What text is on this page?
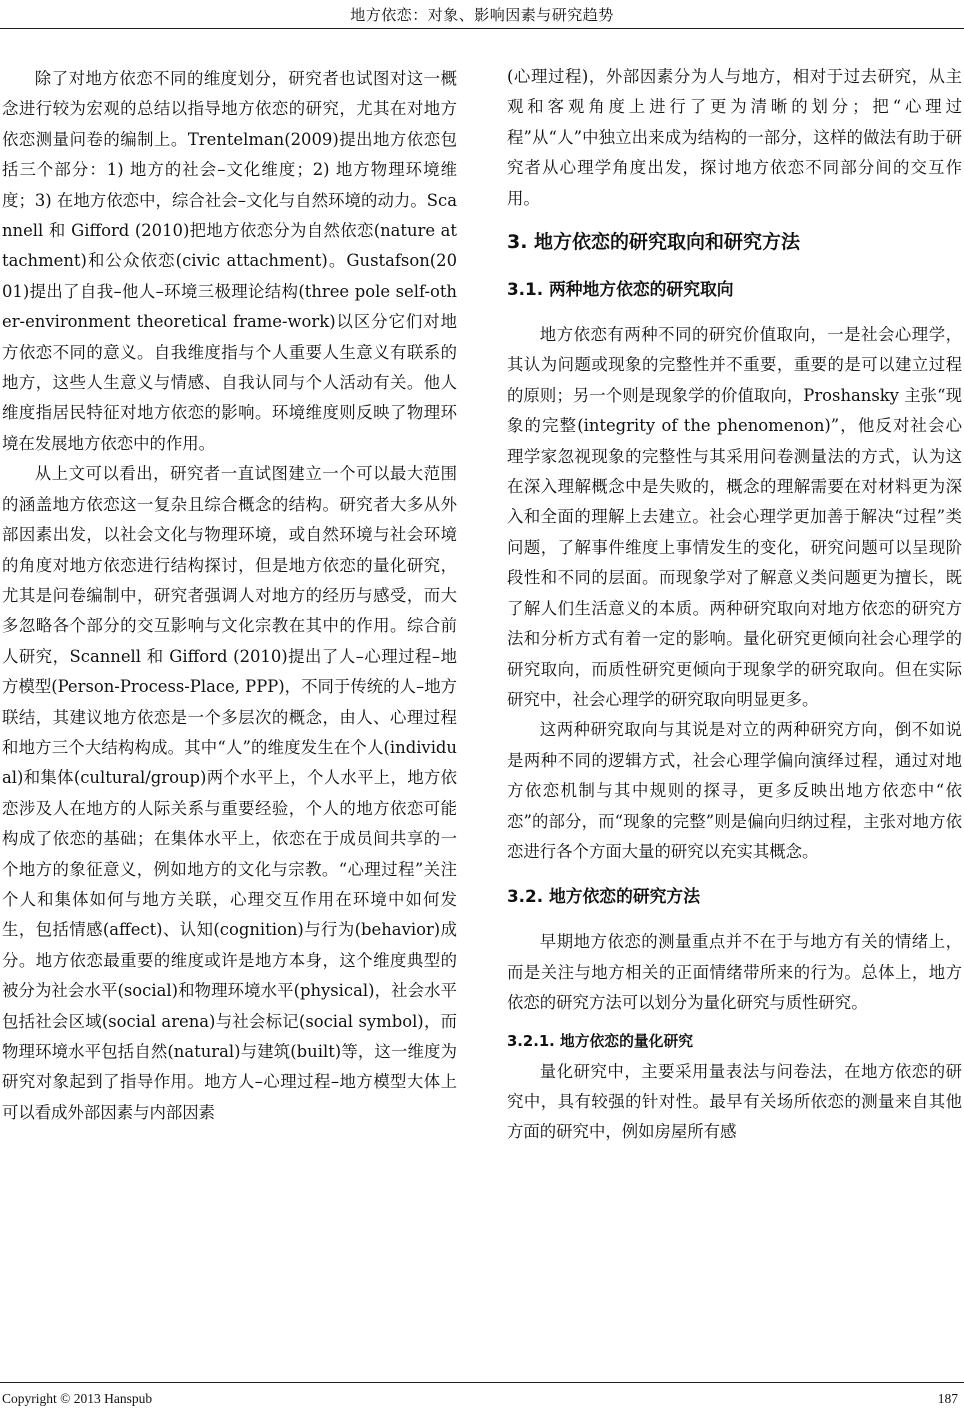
地方依恋：对象、影响因素与研究趋势

除了对地方依恋不同的维度划分，研究者也试图对这一概念进行较为宏观的总结以指导地方依恋的研究，尤其在对地方依恋测量问卷的编制上。Trentelman(2009)提出地方依恋包括三个部分：1) 地方的社会–文化维度；2) 地方物理环境维度；3) 在地方依恋中，综合社会–文化与自然环境的动力。Scannell 和 Gifford (2010)把地方依恋分为自然依恋(nature attachment)和公众依恋(civic attachment)。Gustafson(2001)提出了自我–他人–环境三极理论结构(three pole self-other-environment theoretical frame-work)以区分它们对地方依恋不同的意义。自我维度指与个人重要人生意义有联系的地方，这些人生意义与情感、自我认同与个人活动有关。他人维度指居民特征对地方依恋的影响。环境维度则反映了物理环境在发展地方依恋中的作用。

从上文可以看出，研究者一直试图建立一个可以最大范围的涵盖地方依恋这一复杂且综合概念的结构。研究者大多从外部因素出发，以社会文化与物理环境，或自然环境与社会环境的角度对地方依恋进行结构探讨，但是地方依恋的量化研究，尤其是问卷编制中，研究者强调人对地方的经历与感受，而大多忽略各个部分的交互影响与文化宗教在其中的作用。综合前人研究，Scannell 和 Gifford (2010)提出了人–心理过程–地方模型(Person-Process-Place, PPP)，不同于传统的人–地方联结，其建议地方依恋是一个多层次的概念，由人、心理过程和地方三个大结构构成。其中“人”的维度发生在个人(individual)和集体(cultural/group)两个水平上，个人水平上，地方依恋涉及人在地方的人际关系与重要经验，个人的地方依恋可能构成了依恋的基础；在集体水平上，依恋在于成员间共享的一个地方的象征意义，例如地方的文化与宗教。“心理过程”关注个人和集体如何与地方关联，心理交互作用在环境中如何发生，包括情感(affect)、认知(cognition)与行为(behavior)成分。地方依恋最重要的维度或许是地方本身，这个维度典型的被分为社会水平(social)和物理环境水平(physical)，社会水平包括社会区域(social arena)与社会标记(social symbol)，而物理环境水平包括自然(natural)与建筑(built)等，这一维度为研究对象起到了指导作用。地方人–心理过程–地方模型大体上可以看成外部因素与内部因素

(心理过程)，外部因素分为人与地方，相对于过去研究，从主观和客观角度上进行了更为清晰的划分；把“心理过程”从“人”中独立出来成为结构的一部分，这样的做法有助于研究者从心理学角度出发，探讨地方依恋不同部分间的交互作用。

3. 地方依恋的研究取向和研究方法
3.1. 两种地方依恋的研究取向

地方依恋有两种不同的研究价值取向，一是社会心理学，其认为问题或现象的完整性并不重要，重要的是可以建立过程的原则；另一个则是现象学的价值取向，Proshansky 主张“现象的完整(integrity of the phenomenon)”，他反对社会心理学家忽视现象的完整性与其采用问卷测量法的方式，认为这在深入理解概念中是失败的，概念的理解需要在对材料更为深入和全面的理解上去建立。社会心理学更加善于解决“过程”类问题，了解事件维度上事情发生的变化，研究问题可以呈现阶段性和不同的层面。而现象学对了解意义类问题更为擅长，既了解人们生活意义的本质。两种研究取向对地方依恋的研究方法和分析方式有着一定的影响。量化研究更倾向社会心理学的研究取向，而质性研究更倾向于现象学的研究取向。但在实际研究中，社会心理学的研究取向明显更多。

这两种研究取向与其说是对立的两种研究方向，倒不如说是两种不同的逻辑方式，社会心理学偏向演绎过程，通过对地方依恋机制与其中规则的探寻，更多反映出地方依恋中“依恋”的部分，而“现象的完整”则是偏向归纳过程，主张对地方依恋进行各个方面大量的研究以充实其概念。

3.2. 地方依恋的研究方法

早期地方依恋的测量重点并不在于与地方有关的情绪上，而是关注与地方相关的正面情绪带所来的行为。总体上，地方依恋的研究方法可以划分为量化研究与质性研究。

3.2.1. 地方依恋的量化研究

量化研究中，主要采用量表法与问卷法，在地方依恋的研究中，具有较强的针对性。最早有关场所依恋的测量来自其他方面的研究中，例如房屋所有感

Copyright © 2013 Hanspub	187
